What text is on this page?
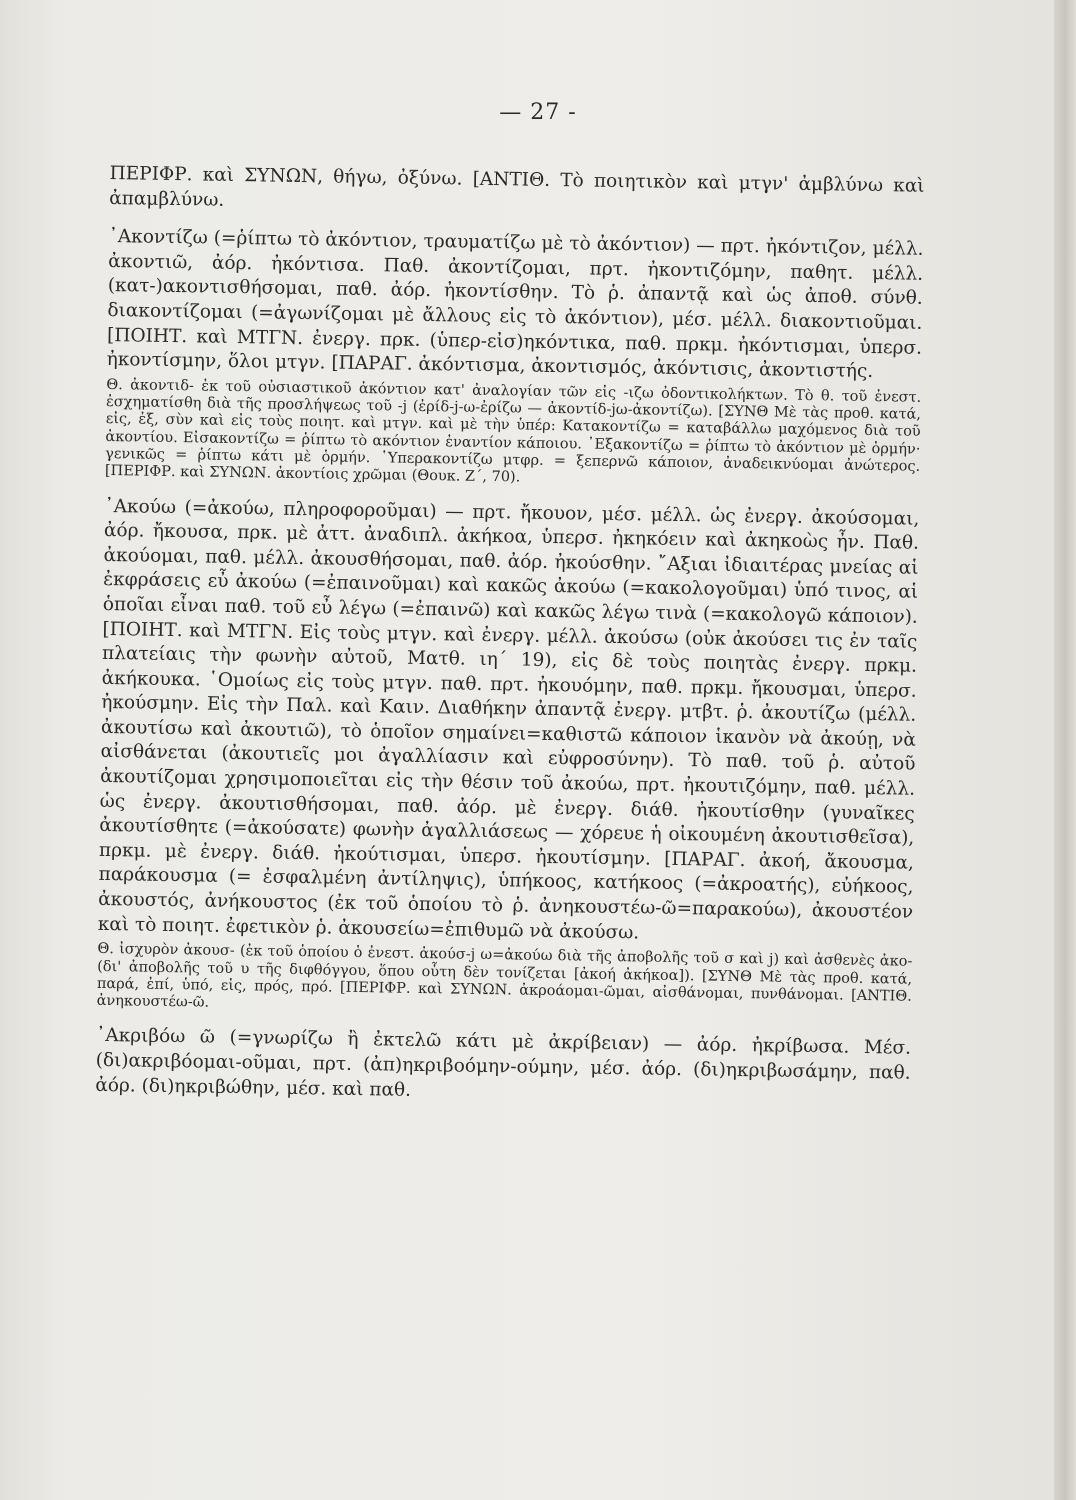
— 27 -

ΠΕΡΙΦΡ. καὶ ΣΥΝΩΝ, θήγω, ὀξύνω. [ΑΝΤΙΘ. Τὸ ποιητικὸν καὶ μτγν' ἀμβλύνω καὶ ἀπαμβλύνω.

᾿Ακοντίζω (=ῥίπτω τὸ ἀκόντιον, τραυματίζω μὲ τὸ ἀκόντιον) — πρτ. ἠκόντιζον, μέλλ. ἀκοντιῶ, ἀόρ. ἠκόντισα. Παθ. ἀκοντίζομαι, πρτ. ἠκοντιζόμην, παθητ. μέλλ. (κατ-)ακοντισθήσομαι, παθ. ἀόρ. ἠκοντίσθην. Τὸ ῥ. ἀπαντᾷ καὶ ὡς ἀποθ. σύνθ. διακοντίζομαι (=ἀγωνίζομαι μὲ ἄλλους εἰς τὸ ἀκόντιον), μέσ. μέλλ. διακοντιοῦμαι. [ΠΟΙΗΤ. καὶ ΜΤΓΝ. ἐνεργ. πρκ. (ὑπερ-εἰσ)ηκόντικα, παθ. πρκμ. ἠκόντισμαι, ὑπερσ. ἠκοντίσμην, ὅλοι μτγν. [ΠΑΡΑΓ. ἀκόντισμα, ἀκοντισμός, ἀκόντισις, ἀκοντιστής.

Θ. ἀκοντιδ- ἐκ τοῦ οὐσιαστικοῦ ἀκόντιον κατ' ἀναλογίαν τῶν εἰς -ιζω ὀδοντικολήκτων. Τὸ θ. τοῦ ἐνεστ. ἐσχηματίσθη διὰ τῆς προσλήψεως τοῦ -j (ἐρίδ-j-ω-ἐρίζω — ἀκοντίδ-jω-ἀκοντίζω). [ΣΥΝΘ Μὲ τὰς προθ. κατά, εἰς, ἐξ, σὺν καὶ εἰς τοὺς ποιητ. καὶ μτγν. καὶ μὲ τὴν ὑπέρ: Κατακοντίζω = καταβάλλω μαχόμενος διὰ τοῦ ἀκοντίου. Εἰσακοντίζω = ῥίπτω τὸ ακόντιον ἐναντίον κάποιου. ᾿Εξακοντίζω = ῥίπτω τὸ ἀκόντιον μὲ ὁρμήν· γενικῶς = ῥίπτω κάτι μὲ ὁρμήν. ῾Υπερακοντίζω μτφρ. = ξεπερνῶ κάποιον, ἀναδεικνύομαι ἀνώτερος. [ΠΕΡΙΦΡ. καὶ ΣΥΝΩΝ. ἀκοντίοις χρῶμαι (Θουκ. Ζ΄, 70).

᾿Ακούω (=ἀκούω, πληροφοροῦμαι) — πρτ. ἤκουον, μέσ. μέλλ. ὡς ἐνεργ. ἀκούσομαι, ἀόρ. ἤκουσα, πρκ. μὲ ἀττ. ἀναδιπλ. ἀκήκοα, ὑπερσ. ἠκηκόειν καὶ ἀκηκοὼς ἦν. Παθ. ἀκούομαι, παθ. μέλλ. ἀκουσθήσομαι, παθ. ἀόρ. ἠκούσθην. ῎Αξιαι ἰδιαιτέρας μνείας αἱ ἐκφράσεις εὖ ἀκούω (=ἐπαινοῦμαι) καὶ κακῶς ἀκούω (=κακολογοῦμαι) ὑπό τινος, αἱ ὁποῖαι εἶναι παθ. τοῦ εὖ λέγω (=ἐπαινῶ) καὶ κακῶς λέγω τινὰ (=κακολογῶ κάποιον). [ΠΟΙΗΤ. καὶ ΜΤΓΝ. Εἰς τοὺς μτγν. καὶ ἐνεργ. μέλλ. ἀκούσω (οὐκ ἀκούσει τις ἐν ταῖς πλατείαις τὴν φωνὴν αὐτοῦ, Ματθ. ιη΄ 19), εἰς δὲ τοὺς ποιητὰς ἐνεργ. πρκμ. ἀκήκουκα. ῾Ομοίως εἰς τοὺς μτγν. παθ. πρτ. ἠκουόμην, παθ. πρκμ. ἤκουσμαι, ὑπερσ. ἠκούσμην. Εἰς τὴν Παλ. καὶ Καιν. Διαθήκην ἀπαντᾷ ἐνεργ. μτβτ. ῥ. ἀκουτίζω (μέλλ. ἀκουτίσω καὶ ἀκουτιῶ), τὸ ὁποῖον σημαίνει=καθιστῶ κάποιον ἱκανὸν νὰ ἀκούῃ, νὰ αἰσθάνεται (ἀκουτιεῖς μοι ἀγαλλίασιν καὶ εὐφροσύνην). Τὸ παθ. τοῦ ῥ. αὐτοῦ ἀκουτίζομαι χρησιμοποιεῖται εἰς τὴν θέσιν τοῦ ἀκούω, πρτ. ἠκουτιζόμην, παθ. μέλλ. ὡς ἐνεργ. ἀκουτισθήσομαι, παθ. ἀόρ. μὲ ἐνεργ. διάθ. ἠκουτίσθην (γυναῖκες ἀκουτίσθητε (=ἀκούσατε) φωνὴν ἀγαλλιάσεως — χόρευε ἡ οἰκουμένη ἀκουτισθεῖσα), πρκμ. μὲ ἐνεργ. διάθ. ἠκούτισμαι, ὑπερσ. ἠκουτίσμην. [ΠΑΡΑΓ. ἀκοή, ἄκουσμα, παράκουσμα (= ἐσφαλμένη ἀντίληψις), ὑπήκοος, κατήκοος (=ἀκροατής), εὐήκοος, ἀκουστός, ἀνήκουστος (ἐκ τοῦ ὁποίου τὸ ῥ. ἀνηκουστέω-ῶ=παρακούω), ἀκουστέον καὶ τὸ ποιητ. ἐφετικὸν ῥ. ἀκουσείω=ἐπιθυμῶ νὰ ἀκούσω.

Θ. ἰσχυρὸν ἀκουσ- (ἐκ τοῦ ὁποίου ὁ ἐνεστ. ἀκούσ-j ω=ἀκούω διὰ τῆς ἀποβολῆς τοῦ σ καὶ j) καὶ ἀσθενὲς ἀκο- (δι' ἀποβολῆς τοῦ υ τῆς διφθόγγου, ὅπου οὗτη δὲν τονίζεται [ἀκοή ἀκήκοα]). [ΣΥΝΘ Μὲ τὰς προθ. κατά, παρά, ἐπί, ὑπό, εἰς, πρός, πρό. [ΠΕΡΙΦΡ. καὶ ΣΥΝΩΝ. ἀκροάομαι-ῶμαι, αἰσθάνομαι, πυνθάνομαι. [ΑΝΤΙΘ. ἀνηκουστέω-ῶ.

᾿Ακριβόω ῶ (=γνωρίζω ἢ ἐκτελῶ κάτι μὲ ἀκρίβειαν) — ἀόρ. ἠκρίβωσα. Μέσ. (δι)ακριβόομαι-οῦμαι, πρτ. (ἀπ)ηκριβοόμην-ούμην, μέσ. ἀόρ. (δι)ηκριβωσάμην, παθ. ἀόρ. (δι)ηκριβώθην, μέσ. καὶ παθ.
